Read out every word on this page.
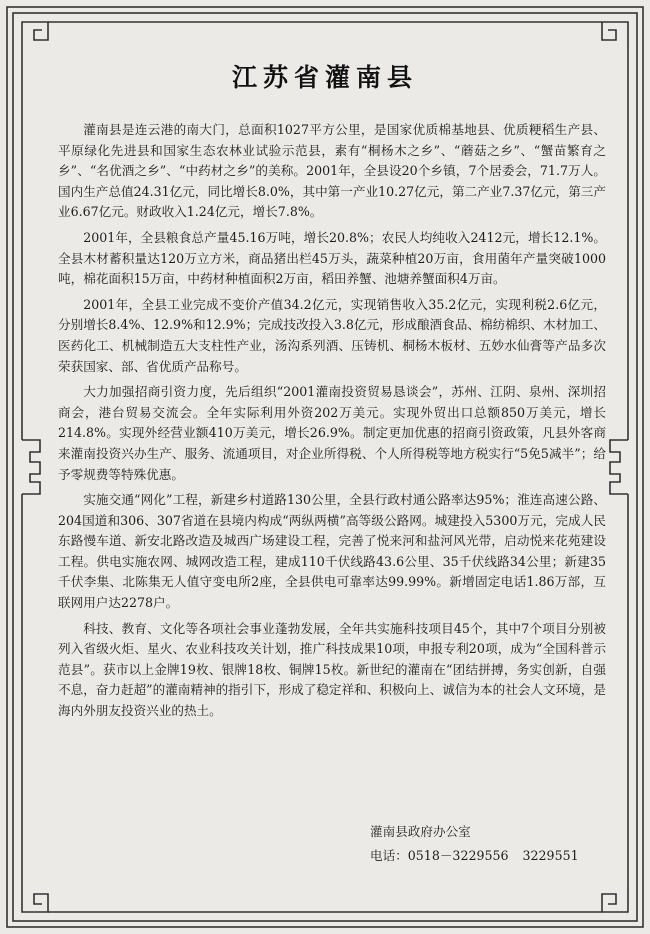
江苏省灌南县

灌南县是连云港的南大门，总面积1027平方公里，是国家优质棉基地县、优质粳稻生产县、平原绿化先进县和国家生态农林业试验示范县，素有“桐杨木之乡”、“蘑菇之乡”、“蟹苗繁育之乡”、“名优酒之乡”、“中药材之乡”的美称。2001年，全县设20个乡镇，7个居委会，71.7万人。国内生产总值24.31亿元，同比增长8.0%，其中第一产业10.27亿元，第二产业7.37亿元，第三产业6.67亿元。财政收入1.24亿元，增长7.8%。

2001年，全县粮食总产量45.16万吨，增长20.8%；农民人均纯收入2412元，增长12.1%。全县木材蓄积量达120万立方米，商品猪出栏45万头，蔬菜种植20万亩，食用菌年产量突破1000吨，棉花面积15万亩，中药材种植面积2万亩，稻田养蟹、池塘养蟹面积4万亩。

2001年，全县工业完成不变价产值34.2亿元，实现销售收入35.2亿元，实现利税2.6亿元，分别增长8.4%、12.9%和12.9%；完成技改投入3.8亿元，形成酿酒食品、棉纺棉织、木材加工、医药化工、机械制造五大支柱性产业，汤沟系列酒、压铸机、桐杨木板材、五妙水仙膏等产品多次荣获国家、部、省优质产品称号。

大力加强招商引资力度，先后组织“2001灌南投资贸易恳谈会”，苏州、江阴、泉州、深圳招商会，港台贸易交流会。全年实际利用外资202万美元。实现外贸出口总额850万美元，增长214.8%。实现外经营业额410万美元，增长26.9%。制定更加优惠的招商引资政策，凡县外客商来灌南投资兴办生产、服务、流通项目，对企业所得税、个人所得税等地方税实行“5免5减半”；给予零规费等特殊优惠。

实施交通“网化”工程，新建乡村道路130公里，全县行政村通公路率达95%；淮连高速公路、204国道和306、307省道在县境内构成“两纵两横”高等级公路网。城建投入5300万元，完成人民东路慢车道、新安北路改造及城西广场建设工程，完善了悦来河和盐河风光带，启动悦来花苑建设工程。供电实施农网、城网改造工程，建成110千伏线路43.6公里、35千伏线路34公里；新建35千伏李集、北陈集无人值守变电所2座，全县供电可靠率达99.99%。新增固定电话1.86万部，互联网用户达2278户。

科技、教育、文化等各项社会事业蓬勃发展，全年共实施科技项目45个，其中7个项目分别被列入省级火炬、星火、农业科技攻关计划，推广科技成果10项，申报专利20项，成为“全国科普示范县”。获市以上金牌19枚、银牌18枚、铜牌15枚。新世纪的灌南在“团结拼搏，务实创新，自强不息，奋力赶超”的灌南精神的指引下，形成了稳定祥和、积极向上、诚信为本的社会人文环境，是海内外朋友投资兴业的热土。

灌南县政府办公室
电话：0518－3229556 3229551
